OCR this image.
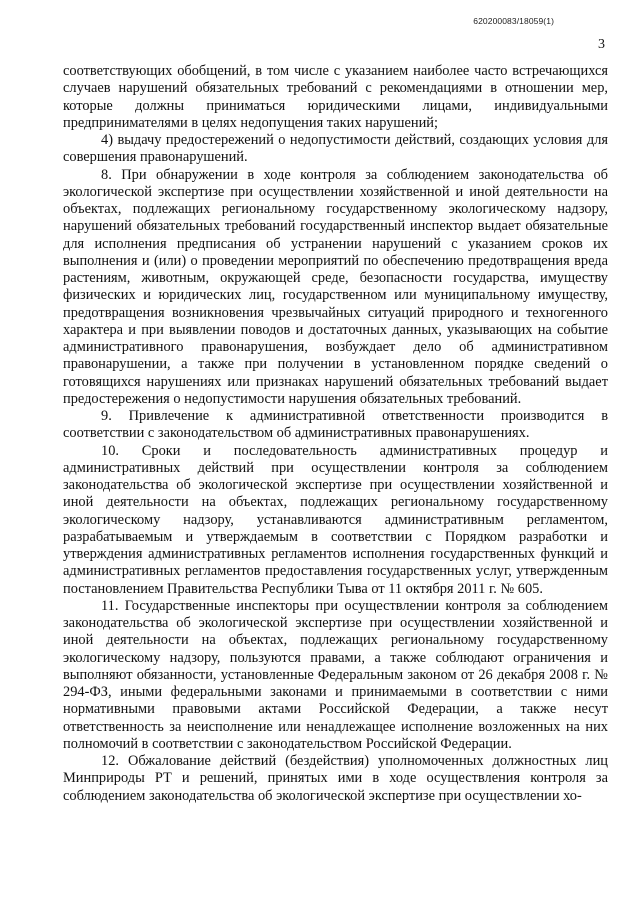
620200083/18059(1)
3

соответствующих обобщений, в том числе с указанием наиболее часто встречающихся случаев нарушений обязательных требований с рекомендациями в отношении мер, которые должны приниматься юридическими лицами, индивидуальными предпринимателями в целях недопущения таких нарушений;

4) выдачу предостережений о недопустимости действий, создающих условия для совершения правонарушений.

8. При обнаружении в ходе контроля за соблюдением законодательства об экологической экспертизе при осуществлении хозяйственной и иной деятельности на объектах, подлежащих региональному государственному экологическому надзору, нарушений обязательных требований государственный инспектор выдает обязательные для исполнения предписания об устранении нарушений с указанием сроков их выполнения и (или) о проведении мероприятий по обеспечению предотвращения вреда растениям, животным, окружающей среде, безопасности государства, имуществу физических и юридических лиц, государственном или муниципальному имуществу, предотвращения возникновения чрезвычайных ситуаций природного и техногенного характера и при выявлении поводов и достаточных данных, указывающих на событие административного правонарушения, возбуждает дело об административном правонарушении, а также при получении в установленном порядке сведений о готовящихся нарушениях или признаках нарушений обязательных требований выдает предостережения о недопустимости нарушения обязательных требований.

9. Привлечение к административной ответственности производится в соответствии с законодательством об административных правонарушениях.

10. Сроки и последовательность административных процедур и административных действий при осуществлении контроля за соблюдением законодательства об экологической экспертизе при осуществлении хозяйственной и иной деятельности на объектах, подлежащих региональному государственному экологическому надзору, устанавливаются административным регламентом, разрабатываемым и утверждаемым в соответствии с Порядком разработки и утверждения административных регламентов исполнения государственных функций и административных регламентов предоставления государственных услуг, утвержденным постановлением Правительства Республики Тыва от 11 октября 2011 г. № 605.

11. Государственные инспекторы при осуществлении контроля за соблюдением законодательства об экологической экспертизе при осуществлении хозяйственной и иной деятельности на объектах, подлежащих региональному государственному экологическому надзору, пользуются правами, а также соблюдают ограничения и выполняют обязанности, установленные Федеральным законом от 26 декабря 2008 г. № 294-ФЗ, иными федеральными законами и принимаемыми в соответствии с ними нормативными правовыми актами Российской Федерации, а также несут ответственность за неисполнение или ненадлежащее исполнение возложенных на них полномочий в соответствии с законодательством Российской Федерации.

12. Обжалование действий (бездействия) уполномоченных должностных лиц Минприроды РТ и решений, принятых ими в ходе осуществления контроля за соблюдением законодательства об экологической экспертизе при осуществлении хо-
